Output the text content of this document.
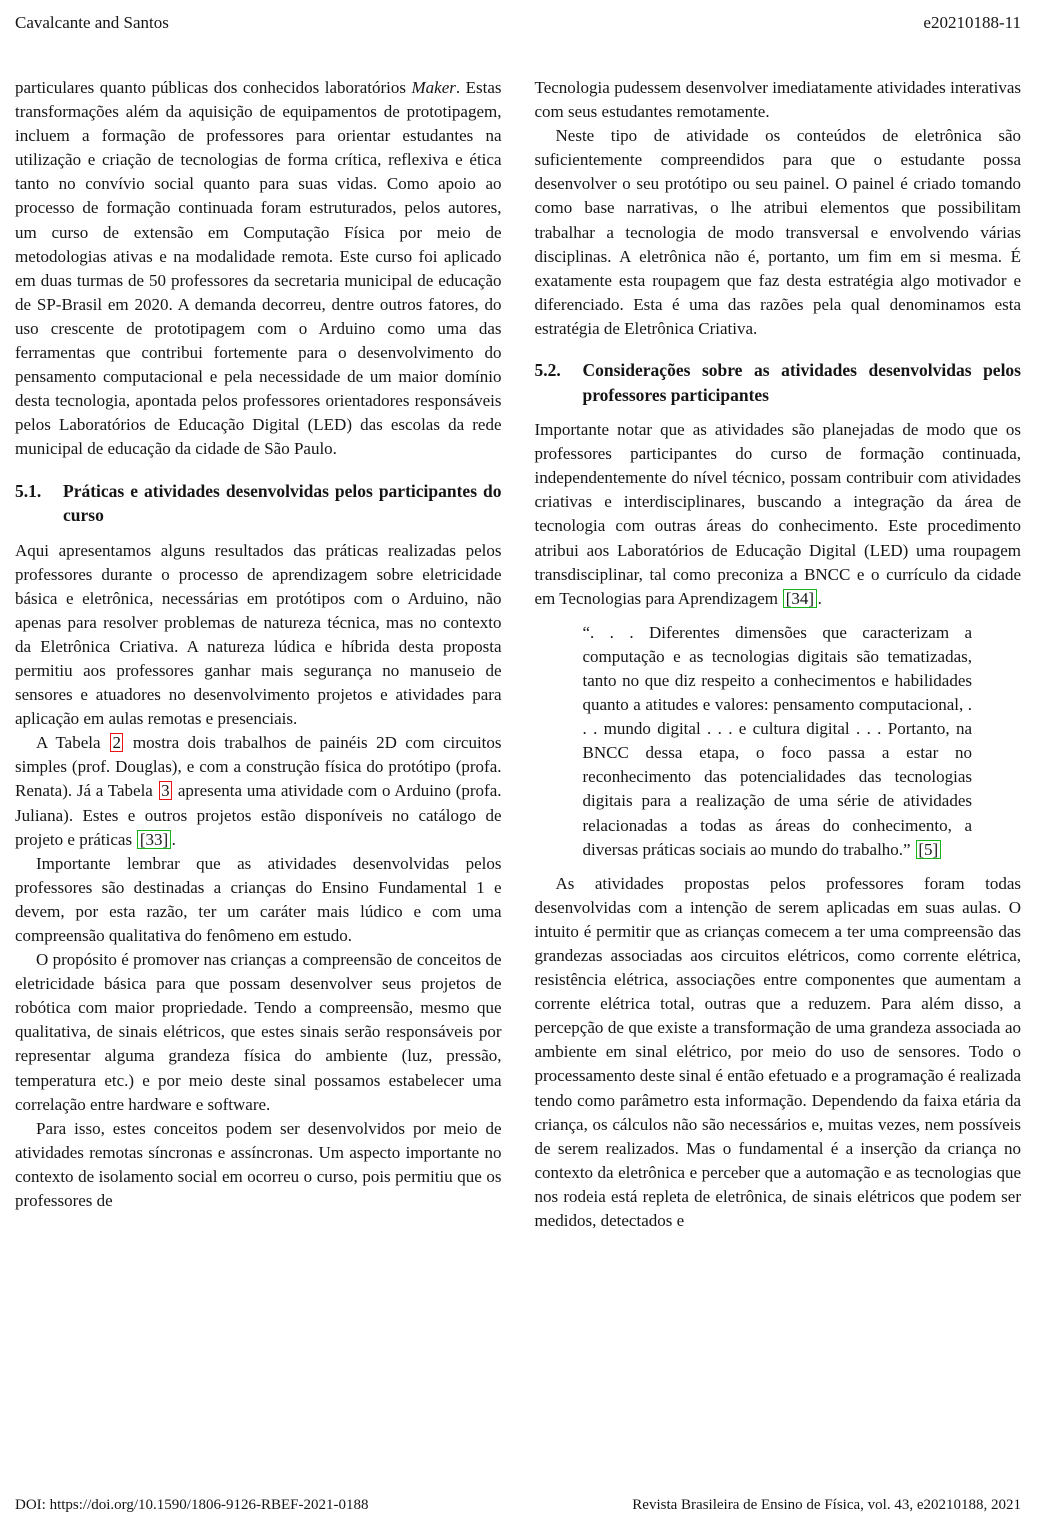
Cavalcante and Santos	e20210188-11

particulares quanto públicas dos conhecidos laboratórios Maker. Estas transformações além da aquisição de equipamentos de prototipagem, incluem a formação de professores para orientar estudantes na utilização e criação de tecnologias de forma crítica, reflexiva e ética tanto no convívio social quanto para suas vidas. Como apoio ao processo de formação continuada foram estruturados, pelos autores, um curso de extensão em Computação Física por meio de metodologias ativas e na modalidade remota. Este curso foi aplicado em duas turmas de 50 professores da secretaria municipal de educação de SP-Brasil em 2020. A demanda decorreu, dentre outros fatores, do uso crescente de prototipagem com o Arduino como uma das ferramentas que contribui fortemente para o desenvolvimento do pensamento computacional e pela necessidade de um maior domínio desta tecnologia, apontada pelos professores orientadores responsáveis pelos Laboratórios de Educação Digital (LED) das escolas da rede municipal de educação da cidade de São Paulo.

5.1. Práticas e atividades desenvolvidas pelos participantes do curso

Aqui apresentamos alguns resultados das práticas realizadas pelos professores durante o processo de aprendizagem sobre eletricidade básica e eletrônica, necessárias em protótipos com o Arduino, não apenas para resolver problemas de natureza técnica, mas no contexto da Eletrônica Criativa. A natureza lúdica e híbrida desta proposta permitiu aos professores ganhar mais segurança no manuseio de sensores e atuadores no desenvolvimento projetos e atividades para aplicação em aulas remotas e presenciais.

A Tabela 2 mostra dois trabalhos de painéis 2D com circuitos simples (prof. Douglas), e com a construção física do protótipo (profa. Renata). Já a Tabela 3 apresenta uma atividade com o Arduino (profa. Juliana). Estes e outros projetos estão disponíveis no catálogo de projeto e práticas [33] .

Importante lembrar que as atividades desenvolvidas pelos professores são destinadas a crianças do Ensino Fundamental 1 e devem, por esta razão, ter um caráter mais lúdico e com uma compreensão qualitativa do fenômeno em estudo.

O propósito é promover nas crianças a compreensão de conceitos de eletricidade básica para que possam desenvolver seus projetos de robótica com maior propriedade. Tendo a compreensão, mesmo que qualitativa, de sinais elétricos, que estes sinais serão responsáveis por representar alguma grandeza física do ambiente (luz, pressão, temperatura etc.) e por meio deste sinal possamos estabelecer uma correlação entre hardware e software.

Para isso, estes conceitos podem ser desenvolvidos por meio de atividades remotas síncronas e assíncronas. Um aspecto importante no contexto de isolamento social em ocorreu o curso, pois permitiu que os professores de

Tecnologia pudessem desenvolver imediatamente atividades interativas com seus estudantes remotamente.

Neste tipo de atividade os conteúdos de eletrônica são suficientemente compreendidos para que o estudante possa desenvolver o seu protótipo ou seu painel. O painel é criado tomando como base narrativas, o lhe atribui elementos que possibilitam trabalhar a tecnologia de modo transversal e envolvendo várias disciplinas. A eletrônica não é, portanto, um fim em si mesma. É exatamente esta roupagem que faz desta estratégia algo motivador e diferenciado. Esta é uma das razões pela qual denominamos esta estratégia de Eletrônica Criativa.

5.2. Considerações sobre as atividades desenvolvidas pelos professores participantes

Importante notar que as atividades são planejadas de modo que os professores participantes do curso de formação continuada, independentemente do nível técnico, possam contribuir com atividades criativas e interdisciplinares, buscando a integração da área de tecnologia com outras áreas do conhecimento. Este procedimento atribui aos Laboratórios de Educação Digital (LED) uma roupagem transdisciplinar, tal como preconiza a BNCC e o currículo da cidade em Tecnologias para Aprendizagem [34] .

“. . . Diferentes dimensões que caracterizam a computação e as tecnologias digitais são tematizadas, tanto no que diz respeito a conhecimentos e habilidades quanto a atitudes e valores: pensamento computacional, . . . mundo digital . . . e cultura digital . . . Portanto, na BNCC dessa etapa, o foco passa a estar no reconhecimento das potencialidades das tecnologias digitais para a realização de uma série de atividades relacionadas a todas as áreas do conhecimento, a diversas práticas sociais ao mundo do trabalho.” [5]

As atividades propostas pelos professores foram todas desenvolvidas com a intenção de serem aplicadas em suas aulas. O intuito é permitir que as crianças comecem a ter uma compreensão das grandezas associadas aos circuitos elétricos, como corrente elétrica, resistência elétrica, associações entre componentes que aumentam a corrente elétrica total, outras que a reduzem. Para além disso, a percepção de que existe a transformação de uma grandeza associada ao ambiente em sinal elétrico, por meio do uso de sensores. Todo o processamento deste sinal é então efetuado e a programação é realizada tendo como parâmetro esta informação. Dependendo da faixa etária da criança, os cálculos não são necessários e, muitas vezes, nem possíveis de serem realizados. Mas o fundamental é a inserção da criança no contexto da eletrônica e perceber que a automação e as tecnologias que nos rodeia está repleta de eletrônica, de sinais elétricos que podem ser medidos, detectados e

DOI: https://doi.org/10.1590/1806-9126-RBEF-2021-0188	Revista Brasileira de Ensino de Física, vol. 43, e20210188, 2021
